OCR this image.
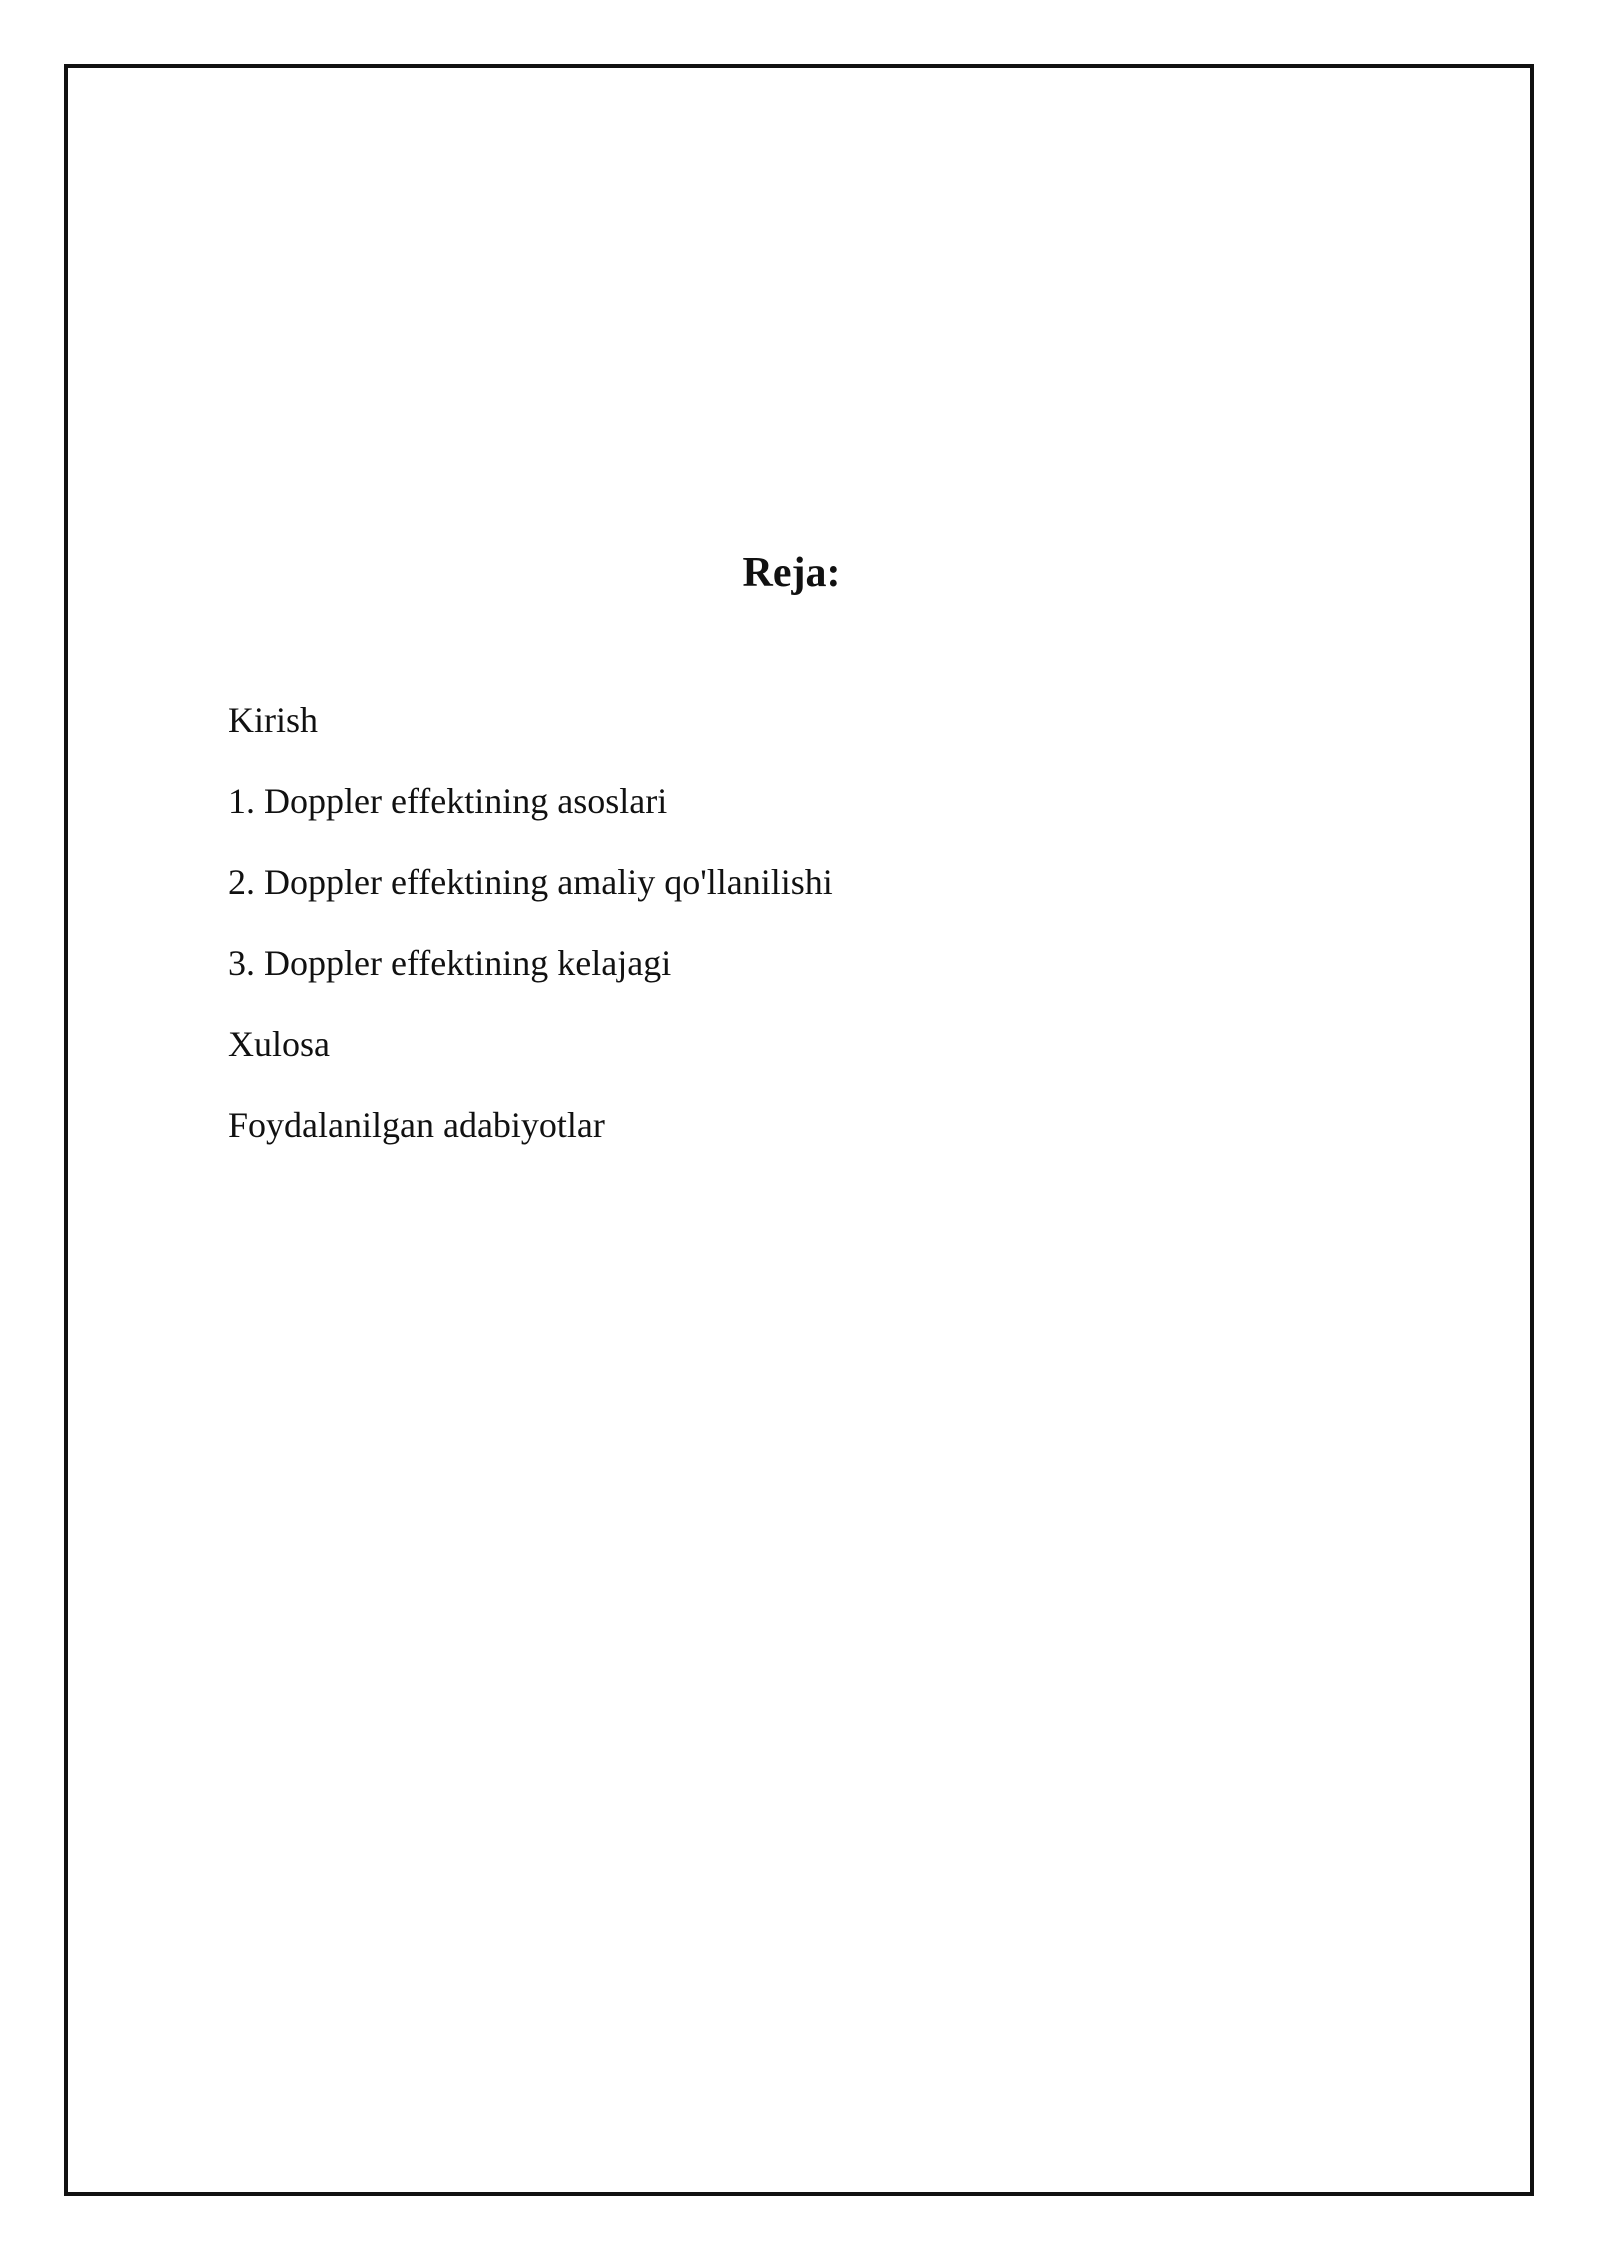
Reja:
Kirish
1. Doppler effektining asoslari
2. Doppler effektining amaliy qo'llanilishi
3. Doppler effektining kelajagi
Xulosa
Foydalanilgan adabiyotlar
